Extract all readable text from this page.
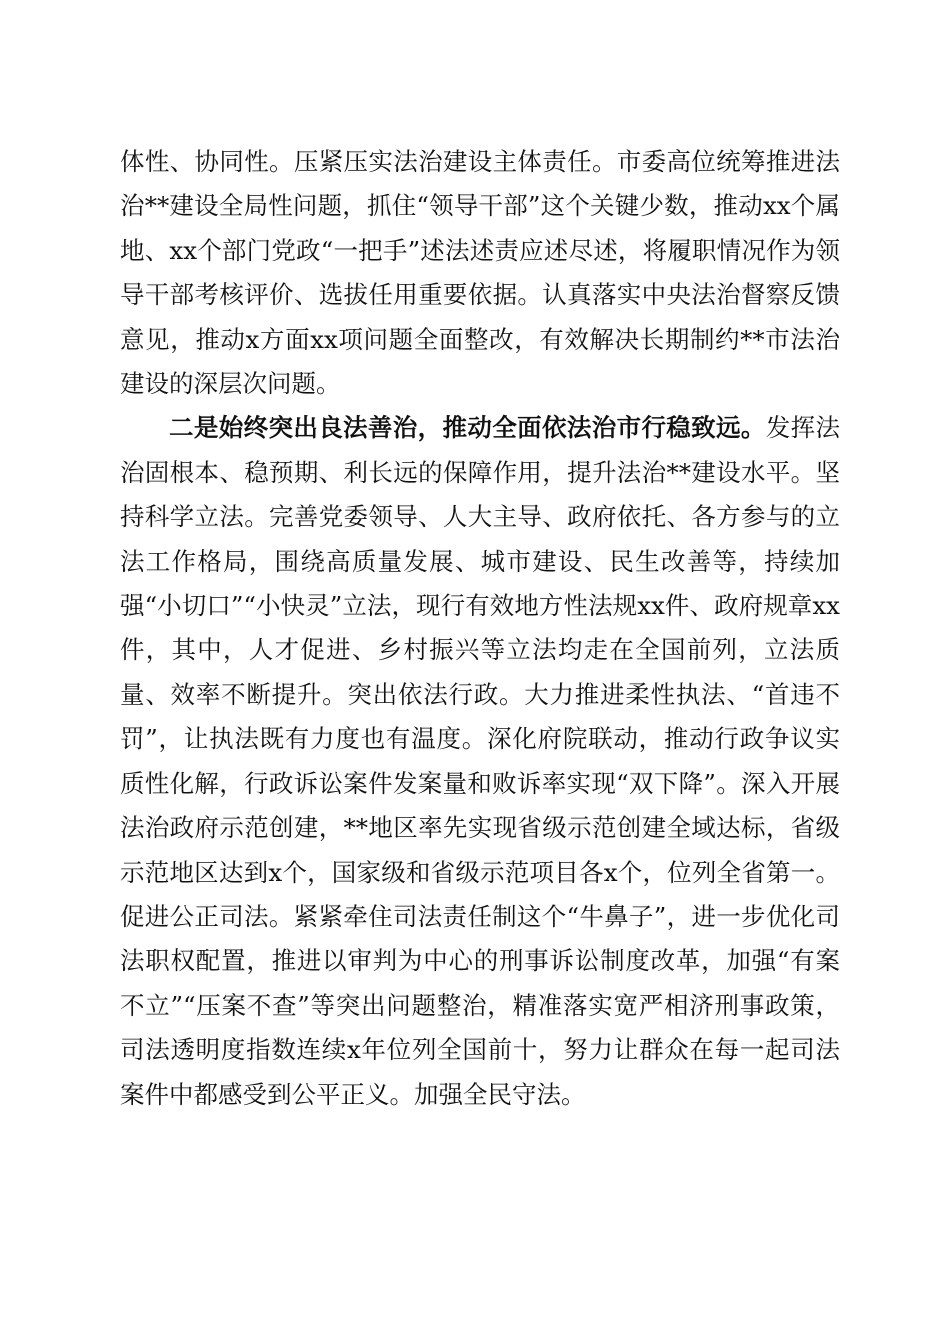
体性、协同性。压紧压实法治建设主体责任。市委高位统筹推进法治**建设全局性问题，抓住“领导干部”这个关键少数，推动xx个属地、xx个部门党政“一把手”述法述责应述尽述，将履职情况作为领导干部考核评价、选拔任用重要依据。认真落实中央法治督察反馈意见，推动x方面xx项问题全面整改，有效解决长期制约**市法治建设的深层次问题。

二是始终突出良法善治，推动全面依法治市行稳致远。发挥法治固根本、稳预期、利长远的保障作用，提升法治**建设水平。坚持科学立法。完善党委领导、人大主导、政府依托、各方参与的立法工作格局，围绕高质量发展、城市建设、民生改善等，持续加强“小切口”“小快灵”立法，现行有效地方性法规xx件、政府规章xx件，其中，人才促进、乡村振兴等立法均走在全国前列，立法质量、效率不断提升。突出依法行政。大力推进柔性执法、“首违不罚”，让执法既有力度也有温度。深化府院联动，推动行政争议实质性化解，行政诉讼案件发案量和败诉率实现“双下降”。深入开展法治政府示范创建，**地区率先实现省级示范创建全域达标，省级示范地区达到x个，国家级和省级示范项目各x个，位列全省第一。促进公正司法。紧紧牵住司法责任制这个“牛鼻子”，进一步优化司法职权配置，推进以审判为中心的刑事诉讼制度改革，加强“有案不立”“压案不查”等突出问题整治，精准落实宽严相济刑事政策，司法透明度指数连续x年位列全国前十，努力让群众在每一起司法案件中都感受到公平正义。加强全民守法。
